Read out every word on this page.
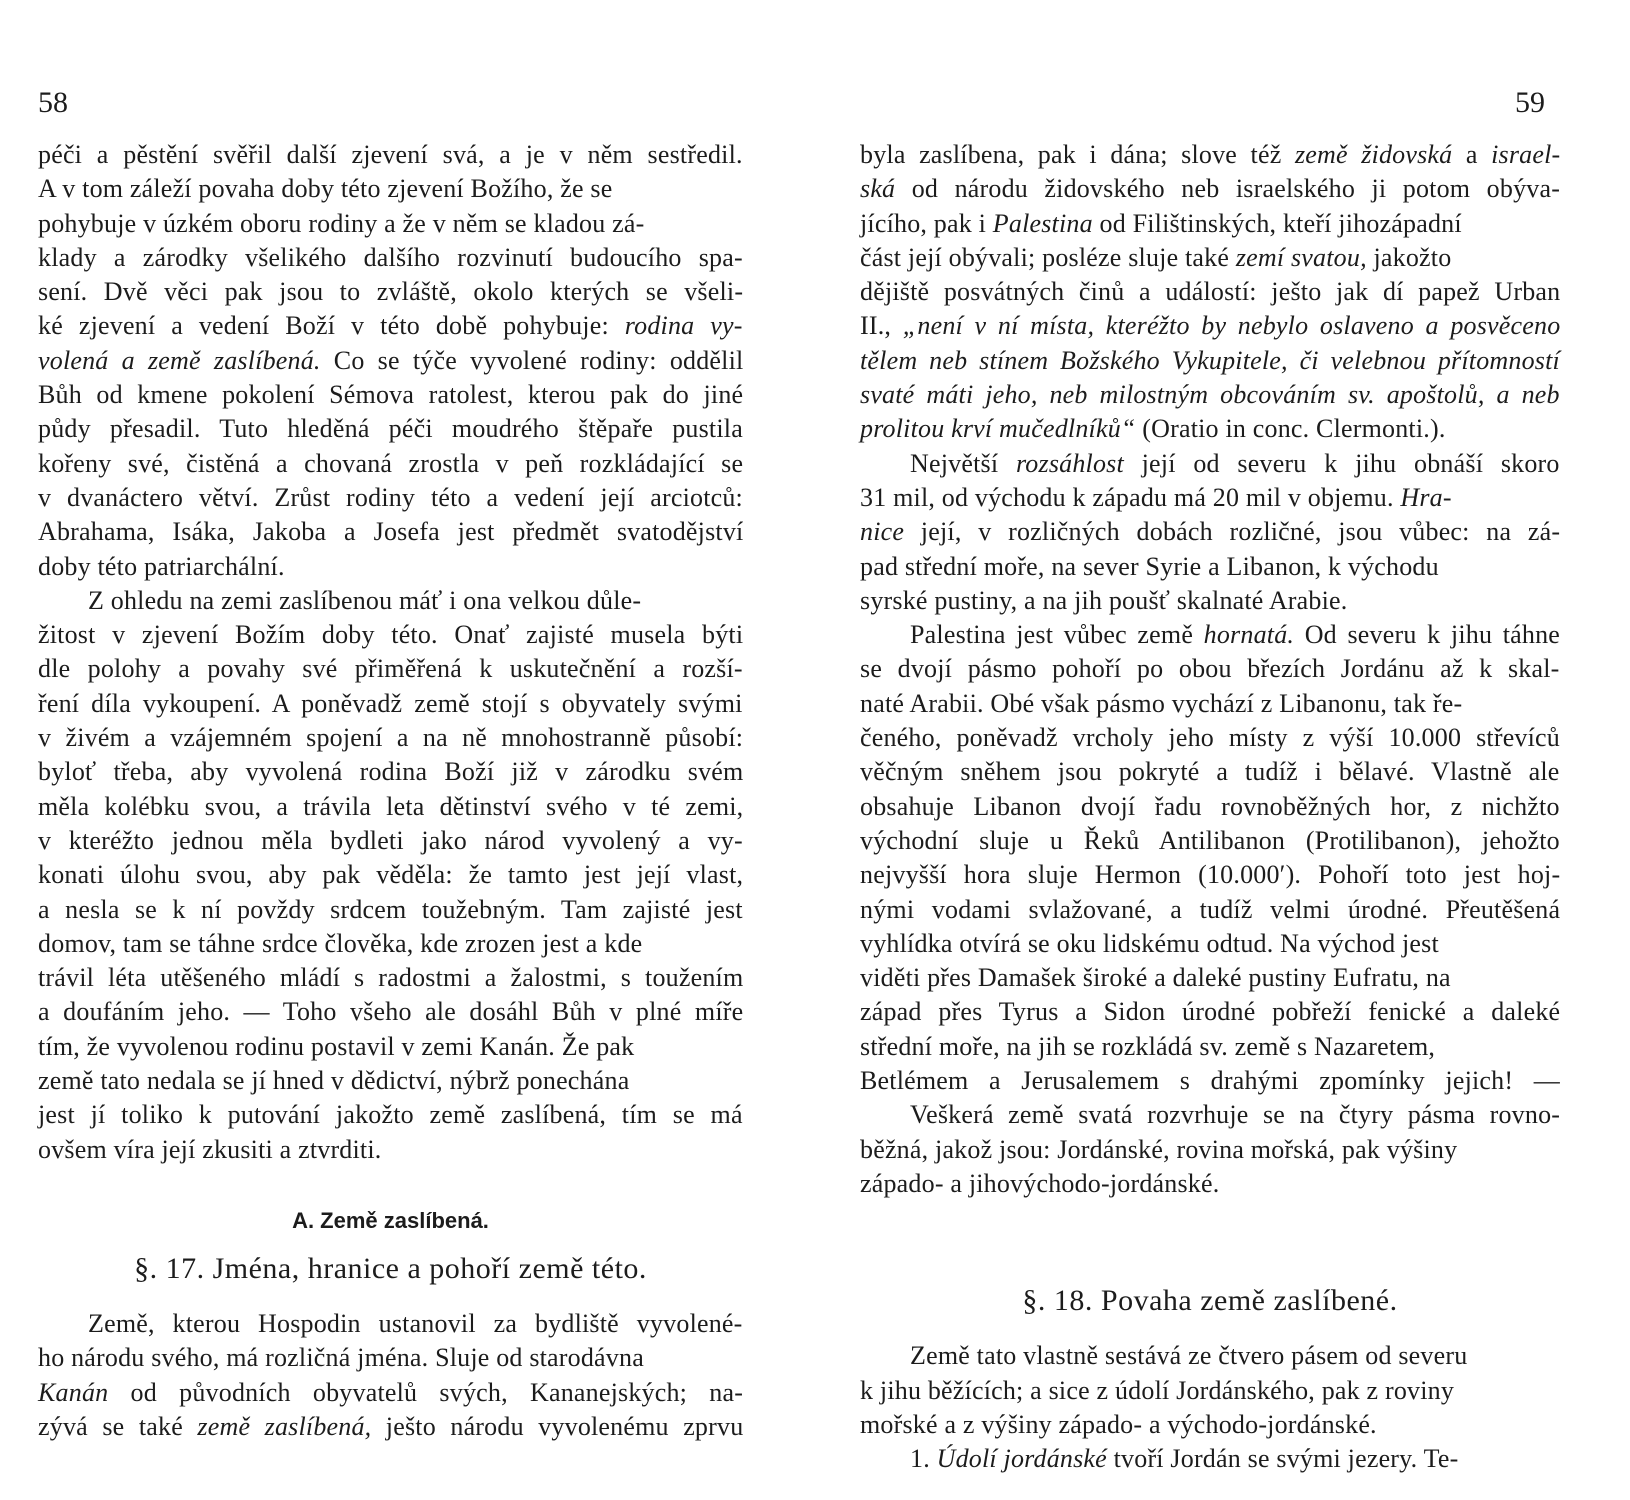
58
péči a pěstění svěřil další zjevení svá, a je v něm sestředil.
A v tom záleží povaha doby této zjevení Božího, že se
pohybuje v úzkém oboru rodiny a že v něm se kladou zá-
klady a zárodky všelikého dalšího rozvinutí budoucího spa-
sení. Dvě věci pak jsou to zvláště, okolo kterých se všeli-
ké zjevení a vedení Boží v této době pohybuje: rodina vy-
volená a země zaslíbená. Co se týče vyvolené rodiny: oddělil
Bůh od kmene pokolení Sémova ratolest, kterou pak do jiné
půdy přesadil. Tuto hleděná péči moudrého štěpaře pustila
kořeny své, čistěná a chovaná zrostla v peň rozkládající se
v dvanáctero větví. Zrůst rodiny této a vedení její arciotců:
Abrahama, Isáka, Jakoba a Josefa jest předmět svatodějství
doby této patriarchální.
Z ohledu na zemi zaslíbenou máť i ona velkou důle-
žitost v zjevení Božím doby této. Onať zajisté musela býti
dle polohy a povahy své přiměřená k uskutečnění a rozší-
ření díla vykoupení. A poněvadž země stojí s obyvately svými
v živém a vzájemném spojení a na ně mnohostranně působí:
byloť třeba, aby vyvolená rodina Boží již v zárodku svém
měla kolébku svou, a trávila leta dětinství svého v té zemi,
v kteréžto jednou měla bydleti jako národ vyvolený a vy-
konati úlohu svou, aby pak věděla: že tamto jest její vlast,
a nesla se k ní povždy srdcem toužebným. Tam zajisté jest
domov, tam se táhne srdce člověka, kde zrozen jest a kde
trávil léta utěšeného mládí s radostmi a žalostmi, s toužením
a doufáním jeho. — Toho všeho ale dosáhl Bůh v plné míře
tím, že vyvolenou rodinu postavil v zemi Kanán. Že pak
země tato nedala se jí hned v dědictví, nýbrž ponechána
jest jí toliko k putování jakožto země zaslíbená, tím se má
ovšem víra její zkusiti a ztvrditi.
A. Země zaslíbená.
§. 17. Jména, hranice a pohoří země této.
Země, kterou Hospodin ustanovil za bydliště vyvolené-
ho národu svého, má rozličná jména. Sluje od starodávna
Kanán od původních obyvatelů svých, Kananejských; na-
zývá se také země zaslíbená, ješto národu vyvolenému zprvu
59
byla zaslíbena, pak i dána; slove též země židovská a israel-
ská od národu židovského neb israelského ji potom obýva-
jícího, pak i Palestina od Filištinských, kteří jihozápadní
část její obývali; posléze sluje také zemí svatou, jakožto
dějiště posvátných činů a událostí: ješto jak dí papež Urban
II., „není v ní místa, kteréžto by nebylo oslaveno a posvěceno
tělem neb stínem Božského Vykupitele, či velebnou přítomností
svaté máti jeho, neb milostným obcováním sv. apoštolů, a neb
prolitou krví mučedlníků“ (Oratio in conc. Clermonti.).
Největší rozsáhlost její od severu k jihu obnáší skoro
31 mil, od východu k západu má 20 mil v objemu. Hra-
nice její, v rozličných dobách rozličné, jsou vůbec: na zá-
pad střední moře, na sever Syrie a Libanon, k východu
syrské pustiny, a na jih poušť skalnaté Arabie.
Palestina jest vůbec země hornatá. Od severu k jihu táhne
se dvojí pásmo pohoří po obou březích Jordánu až k skal-
naté Arabii. Obé však pásmo vychází z Libanonu, tak ře-
čeného, poněvadž vrcholy jeho místy z výší 10.000 střevíců
věčným sněhem jsou pokryté a tudíž i bělavé. Vlastně ale
obsahuje Libanon dvojí řadu rovnoběžných hor, z nichžto
východní sluje u Řeků Antilibanon (Protilibanon), jehožto
nejvyšší hora sluje Hermon (10.000′). Pohoří toto jest hoj-
nými vodami svlažované, a tudíž velmi úrodné. Přeutěšená
vyhlídka otvírá se oku lidskému odtud. Na východ jest
viděti přes Damašek široké a daleké pustiny Eufratu, na
západ přes Tyrus a Sidon úrodné pobřeží fenické a daleké
střední moře, na jih se rozkládá sv. země s Nazaretem,
Betlémem a Jerusalemem s drahými zpomínky jejich! —
Veškerá země svatá rozvrhuje se na čtyry pásma rovno-
běžná, jakož jsou: Jordánské, rovina mořská, pak výšiny
západo- a jihovýchodo-jordánské.
§. 18. Povaha země zaslíbené.
Země tato vlastně sestává ze čtvero pásem od severu
k jihu běžících; a sice z údolí Jordánského, pak z roviny
mořské a z výšiny západo- a východo-jordánské.
1. Údolí jordánské tvoří Jordán se svými jezery. Te-
